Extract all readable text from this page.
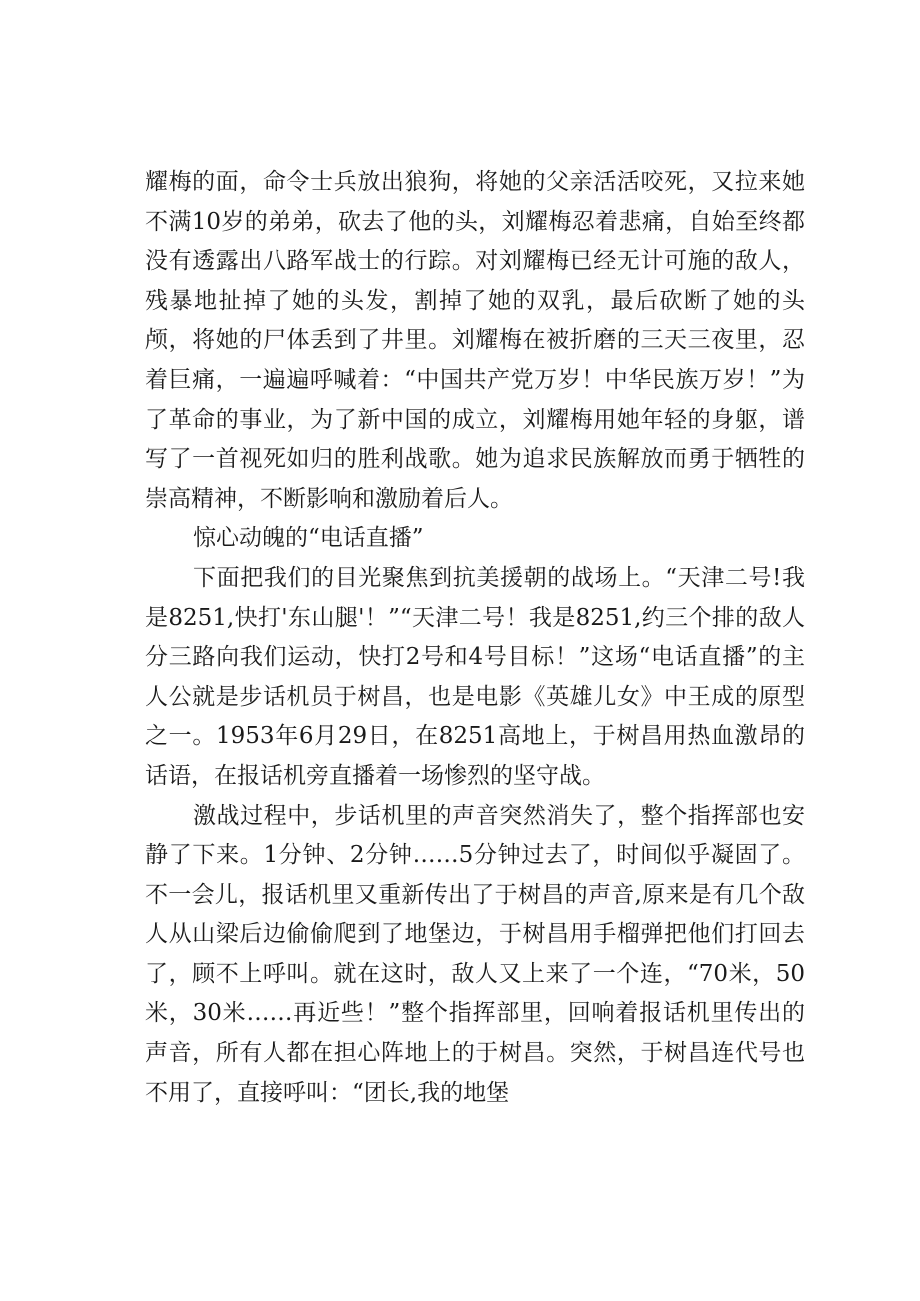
耀梅的面，命令士兵放出狼狗，将她的父亲活活咬死，又拉来她不满10岁的弟弟，砍去了他的头，刘耀梅忍着悲痛，自始至终都没有透露出八路军战士的行踪。对刘耀梅已经无计可施的敌人，残暴地扯掉了她的头发，割掉了她的双乳，最后砍断了她的头颅，将她的尸体丢到了井里。刘耀梅在被折磨的三天三夜里，忍着巨痛，一遍遍呼喊着：“中国共产党万岁！中华民族万岁！”为了革命的事业，为了新中国的成立，刘耀梅用她年轻的身躯，谱写了一首视死如归的胜利战歌。她为追求民族解放而勇于牺牲的崇高精神，不断影响和激励着后人。

惊心动魄的“电话直播”

下面把我们的目光聚焦到抗美援朝的战场上。“天津二号!我是8251,快打'东山腿'！”“天津二号！我是8251,约三个排的敌人分三路向我们运动，快打2号和4号目标！”这场“电话直播”的主人公就是步话机员于树昌，也是电影《英雄儿女》中王成的原型之一。1953年6月29日，在8251高地上，于树昌用热血激昂的话语，在报话机旁直播着一场惨烈的坚守战。

激战过程中，步话机里的声音突然消失了，整个指挥部也安静了下来。1分钟、2分钟……5分钟过去了，时间似乎凝固了。不一会儿，报话机里又重新传出了于树昌的声音,原来是有几个敌人从山梁后边偷偷爬到了地堡边，于树昌用手榴弹把他们打回去了，顾不上呼叫。就在这时，敌人又上来了一个连，“70米，50米，30米……再近些！”整个指挥部里，回响着报话机里传出的声音，所有人都在担心阵地上的于树昌。突然，于树昌连代号也不用了，直接呼叫：“团长,我的地堡
